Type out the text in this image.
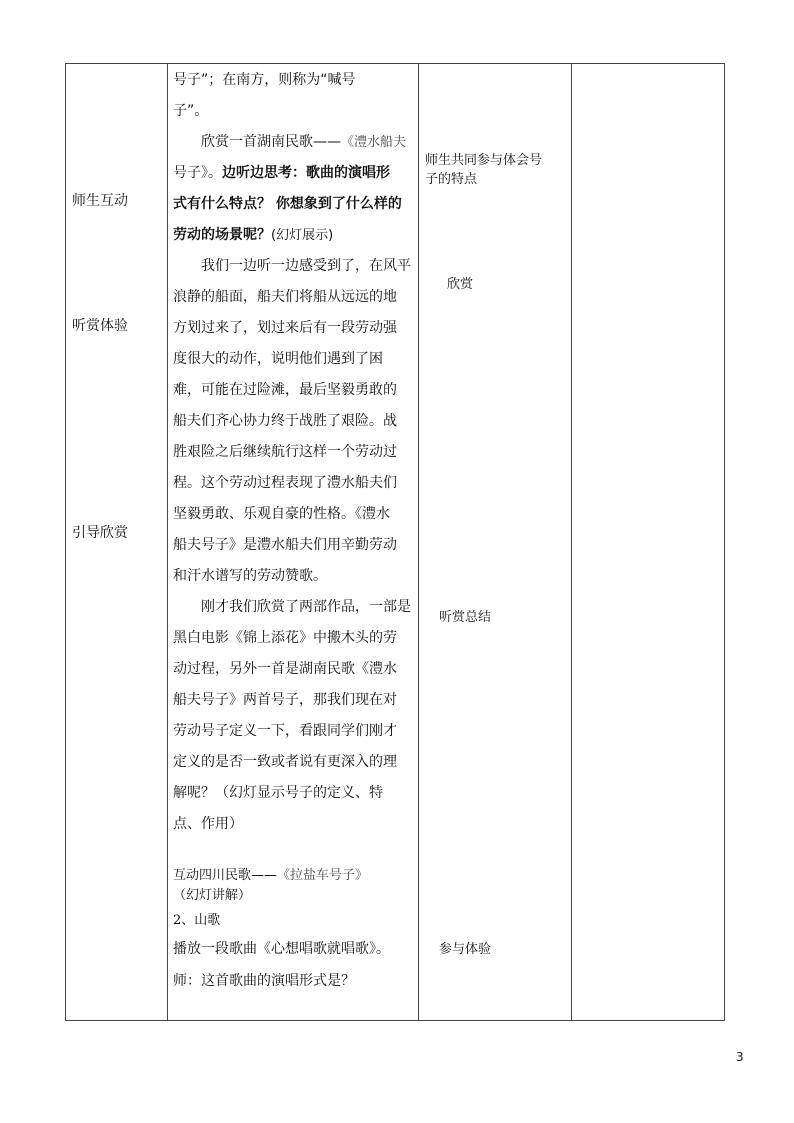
师生互动
听赏体验
引导欣赏
号子”；在南方，则称为“喊号
子”。
欣赏一首湖南民歌——《澧水船夫
号子》。边听边思考：歌曲的演唱形
式有什么特点？ 你想象到了什么样的
劳动的场景呢？(幻灯展示)
我们一边听一边感受到了，在风平
浪静的船面，船夫们将船从远远的地
方划过来了，划过来后有一段劳动强
度很大的动作，说明他们遇到了困
难，可能在过险滩，最后坚毅勇敢的
船夫们齐心协力终于战胜了艰险。战
胜艰险之后继续航行这样一个劳动过
程。这个劳动过程表现了澧水船夫们
坚毅勇敢、乐观自豪的性格。《澧水
船夫号子》是澧水船夫们用辛勤劳动
和汗水谱写的劳动赞歌。
刚才我们欣赏了两部作品，一部是
黑白电影《锦上添花》中搬木头的劳
动过程，另外一首是湖南民歌《澧水
船夫号子》两首号子，那我们现在对
劳动号子定义一下，看跟同学们刚才
定义的是否一致或者说有更深入的理
解呢？（幻灯显示号子的定义、特
点、作用）
互动四川民歌——《拉盐车号子》
（幻灯讲解）
2、山歌
播放一段歌曲《心想唱歌就唱歌》。
师：这首歌曲的演唱形式是？
师生共同参与体会号
子的特点
欣赏
听赏总结
参与体验
3
